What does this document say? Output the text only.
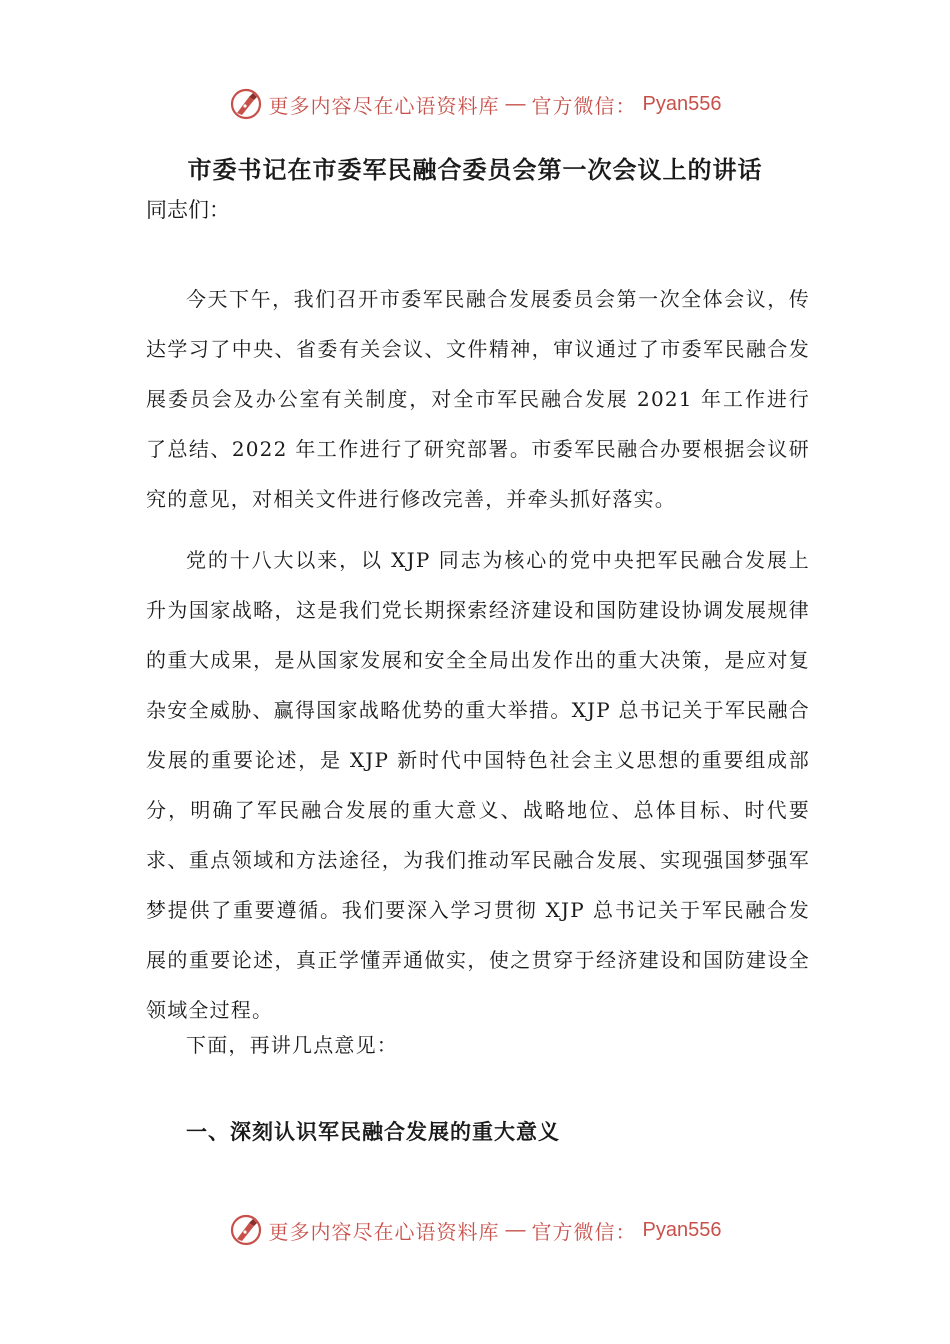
更多内容尽在心语资料库 — 官方微信： Pyan556
市委书记在市委军民融合委员会第一次会议上的讲话

同志们：

今天下午，我们召开市委军民融合发展委员会第一次全体会议，传达学习了中央、省委有关会议、文件精神，审议通过了市委军民融合发展委员会及办公室有关制度，对全市军民融合发展 2021 年工作进行了总结、2022 年工作进行了研究部署。市委军民融合办要根据会议研究的意见，对相关文件进行修改完善，并牵头抓好落实。

党的十八大以来，以 XJP 同志为核心的党中央把军民融合发展上升为国家战略，这是我们党长期探索经济建设和国防建设协调发展规律的重大成果，是从国家发展和安全全局出发作出的重大决策，是应对复杂安全威胁、赢得国家战略优势的重大举措。XJP 总书记关于军民融合发展的重要论述，是 XJP 新时代中国特色社会主义思想的重要组成部分，明确了军民融合发展的重大意义、战略地位、总体目标、时代要求、重点领域和方法途径，为我们推动军民融合发展、实现强国梦强军梦提供了重要遵循。我们要深入学习贯彻 XJP 总书记关于军民融合发展的重要论述，真正学懂弄通做实，使之贯穿于经济建设和国防建设全领域全过程。

下面，再讲几点意见：

一、深刻认识军民融合发展的重大意义
更多内容尽在心语资料库 — 官方微信： Pyan556
